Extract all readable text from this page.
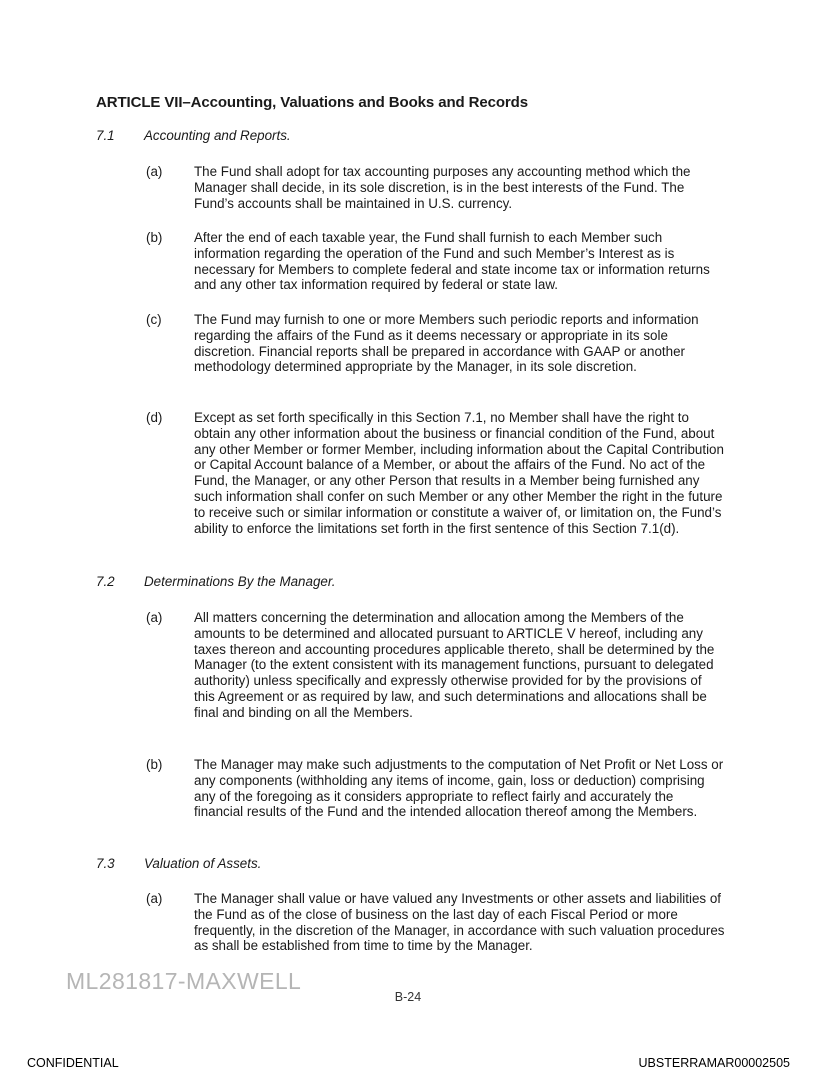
ARTICLE VII–Accounting, Valuations and Books and Records
7.1 Accounting and Reports.
(a) The Fund shall adopt for tax accounting purposes any accounting method which the Manager shall decide, in its sole discretion, is in the best interests of the Fund. The Fund’s accounts shall be maintained in U.S. currency.
(b) After the end of each taxable year, the Fund shall furnish to each Member such information regarding the operation of the Fund and such Member’s Interest as is necessary for Members to complete federal and state income tax or information returns and any other tax information required by federal or state law.
(c) The Fund may furnish to one or more Members such periodic reports and information regarding the affairs of the Fund as it deems necessary or appropriate in its sole discretion. Financial reports shall be prepared in accordance with GAAP or another methodology determined appropriate by the Manager, in its sole discretion.
(d) Except as set forth specifically in this Section 7.1, no Member shall have the right to obtain any other information about the business or financial condition of the Fund, about any other Member or former Member, including information about the Capital Contribution or Capital Account balance of a Member, or about the affairs of the Fund. No act of the Fund, the Manager, or any other Person that results in a Member being furnished any such information shall confer on such Member or any other Member the right in the future to receive such or similar information or constitute a waiver of, or limitation on, the Fund’s ability to enforce the limitations set forth in the first sentence of this Section 7.1(d).
7.2 Determinations By the Manager.
(a) All matters concerning the determination and allocation among the Members of the amounts to be determined and allocated pursuant to ARTICLE V hereof, including any taxes thereon and accounting procedures applicable thereto, shall be determined by the Manager (to the extent consistent with its management functions, pursuant to delegated authority) unless specifically and expressly otherwise provided for by the provisions of this Agreement or as required by law, and such determinations and allocations shall be final and binding on all the Members.
(b) The Manager may make such adjustments to the computation of Net Profit or Net Loss or any components (withholding any items of income, gain, loss or deduction) comprising any of the foregoing as it considers appropriate to reflect fairly and accurately the financial results of the Fund and the intended allocation thereof among the Members.
7.3 Valuation of Assets.
(a) The Manager shall value or have valued any Investments or other assets and liabilities of the Fund as of the close of business on the last day of each Fiscal Period or more frequently, in the discretion of the Manager, in accordance with such valuation procedures as shall be established from time to time by the Manager.
ML281817-MAXWELL
B-24
CONFIDENTIAL	UBSTERRAMAR00002505
